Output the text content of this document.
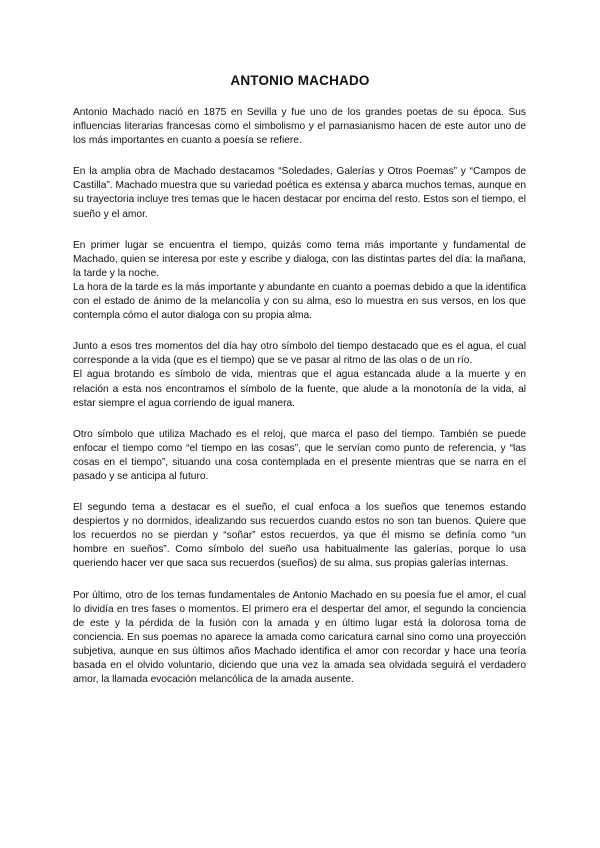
ANTONIO MACHADO

Antonio Machado nació en 1875 en Sevilla y fue uno de los grandes poetas de su época. Sus influencias literarias francesas como el simbolismo y el parnasianismo hacen de este autor uno de los más importantes en cuanto a poesía se refiere.

En la amplia obra de Machado destacamos “Soledades, Galerías y Otros Poemas” y “Campos de Castilla”. Machado muestra que su variedad poética es extensa y abarca muchos temas, aunque en su trayectoria incluye tres temas que le hacen destacar por encima del resto. Estos son el tiempo, el sueño y el amor.

En primer lugar se encuentra el tiempo, quizás como tema más importante y fundamental de Machado, quien se interesa por este y escribe y dialoga, con las distintas partes del día: la mañana, la tarde y la noche.
La hora de la tarde es la más importante y abundante en cuanto a poemas debido a que la identifica con el estado de ánimo de la melancolía y con su alma, eso lo muestra en sus versos, en los que contempla cómo el autor dialoga con su propia alma.

Junto a esos tres momentos del día hay otro símbolo del tiempo destacado que es el agua, el cual corresponde a la vida (que es el tiempo) que se ve pasar al ritmo de las olas o de un río.
El agua brotando es símbolo de vida, mientras que el agua estancada alude a la muerte y en relación a esta nos encontramos el símbolo de la fuente, que alude a la monotonía de la vida, al estar siempre el agua corriendo de igual manera.

Otro símbolo que utiliza Machado es el reloj, que marca el paso del tiempo. También se puede enfocar el tiempo como “el tiempo en las cosas”, que le servían como punto de referencia, y “las cosas en el tiempo”, situando una cosa contemplada en el presente mientras que se narra en el pasado y se anticipa al futuro.

El segundo tema a destacar es el sueño, el cual enfoca a los sueños que tenemos estando despiertos y no dormidos, idealizando sus recuerdos cuando estos no son tan buenos. Quiere que los recuerdos no se pierdan y “soñar” estos recuerdos, ya que él mismo se definía como “un hombre en sueños”. Como símbolo del sueño usa habitualmente las galerías, porque lo usa queriendo hacer ver que saca sus recuerdos (sueños) de su alma, sus propias galerías internas.

Por último, otro de los temas fundamentales de Antonio Machado en su poesía fue el amor, el cual lo dividía en tres fases o momentos. El primero era el despertar del amor, el segundo la conciencia de este y la pérdida de la fusión con la amada y en último lugar está la dolorosa toma de conciencia. En sus poemas no aparece la amada como caricatura carnal sino como una proyección subjetiva, aunque en sus últimos años Machado identifica el amor con recordar y hace una teoría basada en el olvido voluntario, diciendo que una vez la amada sea olvidada seguirá el verdadero amor, la llamada evocación melancólica de la amada ausente.
